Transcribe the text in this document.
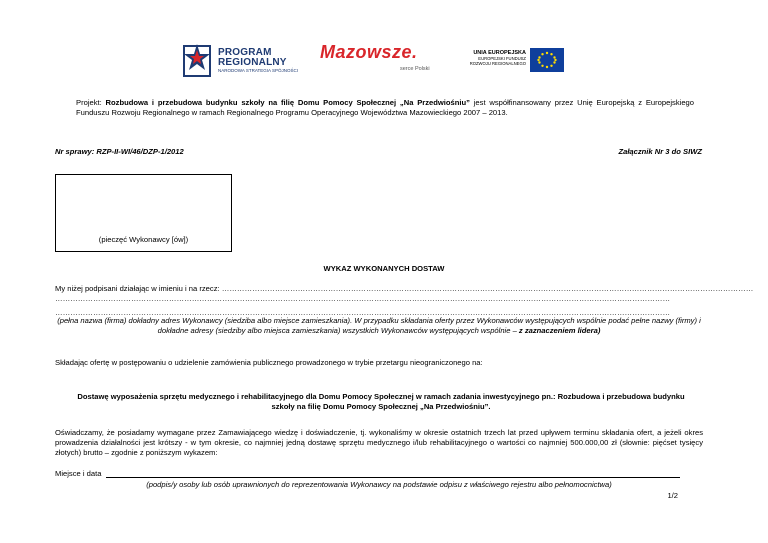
PROGRAM
REGIONALNY
NARODOWA STRATEGIA SPÓJNOŚCI
Mazowsze.
serce Polski
UNIA EUROPEJSKA
EUROPEJSKI FUNDUSZ
ROZWOJU REGIONALNEGO
Projekt: Rozbudowa i przebudowa budynku szkoły na filię Domu Pomocy Społecznej „Na Przedwiośniu” jest współfinansowany przez Unię Europejską z Europejskiego Funduszu Rozwoju Regionalnego w ramach Regionalnego Programu Operacyjnego Województwa Mazowieckiego 2007 – 2013.
Nr sprawy: RZP-II-WI/46/DZP-1/2012	Załącznik Nr 3 do SIWZ
(pieczęć Wykonawcy [ów])
WYKAZ WYKONANYCH DOSTAW
My niżej podpisani działając w imieniu i na rzecz: …………………………………………………………………………………………………………………………………………………………………………………………
………………………………………………………………………………………………………………………………………………………………………………………………………………………
………………………………………………………………………………………………………………………………………………………………………………………………………………………
(pełna nazwa (firma) dokładny adres Wykonawcy (siedziba albo miejsce zamieszkania). W przypadku składania oferty przez Wykonawców występujących wspólnie podać pełne nazwy (firmy) i dokładne adresy (siedziby albo miejsca zamieszkania) wszystkich Wykonawców występujących wspólnie – z zaznaczeniem lidera)
Składając ofertę w postępowaniu o udzielenie zamówienia publicznego prowadzonego w trybie przetargu nieograniczonego na:
Dostawę wyposażenia sprzętu medycznego i rehabilitacyjnego dla Domu Pomocy Społecznej w ramach zadania inwestycyjnego pn.: Rozbudowa i przebudowa budynku szkoły na filię Domu Pomocy Społecznej „Na Przedwiośniu”.
Oświadczamy, że posiadamy wymagane przez Zamawiającego wiedzę i doświadczenie, tj. wykonaliśmy w okresie ostatnich trzech lat przed upływem terminu składania ofert, a jeżeli okres prowadzenia działalności jest krótszy - w tym okresie, co najmniej jedną dostawę sprzętu medycznego i/lub rehabilitacyjnego o wartości co najmniej 500.000,00 zł (słownie: pięćset tysięcy złotych) brutto – zgodnie z poniższym wykazem:
Miejsce i data
(podpis/y osoby lub osób uprawnionych do reprezentowania Wykonawcy na podstawie odpisu z właściwego rejestru albo pełnomocnictwa)
1/2
